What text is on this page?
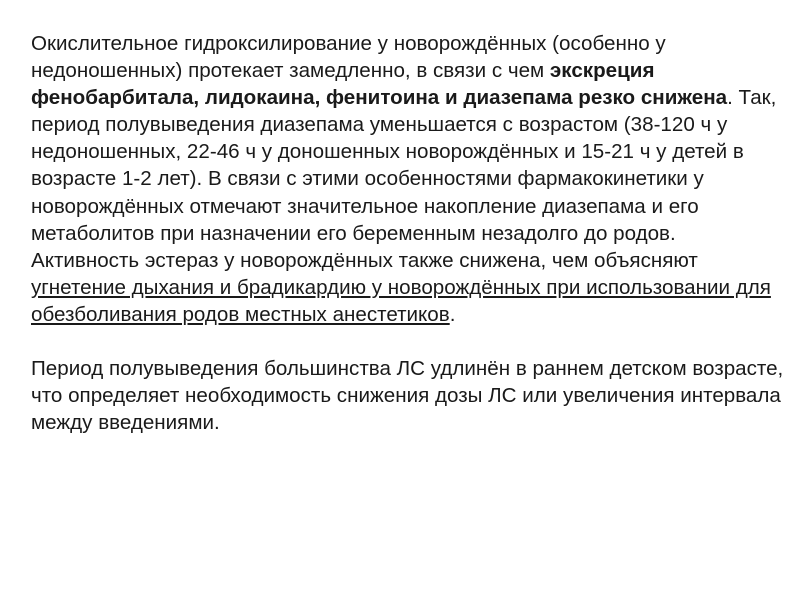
Окислительное гидроксилирование у новорождённых (особенно у недоношенных) протекает замедленно, в связи с чем экскреция фенобарбитала, лидокаина, фенитоина и диазепама резко снижена. Так, период полувыведения диазепама уменьшается с возрастом (38-120 ч у недоношенных, 22-46 ч у доношенных новорождённых и 15-21 ч у детей в возрасте 1-2 лет). В связи с этими особенностями фармакокинетики у новорождённых отмечают значительное накопление диазепама и его метаболитов при назначении его беременным незадолго до родов. Активность эстераз у новорождённых также снижена, чем объясняют угнетение дыхания и брадикардию у новорождённых при использовании для обезболивания родов местных анестетиков.

Период полувыведения большинства ЛС удлинён в раннем детском возрасте, что определяет необходимость снижения дозы ЛС или увеличения интервала между введениями.
